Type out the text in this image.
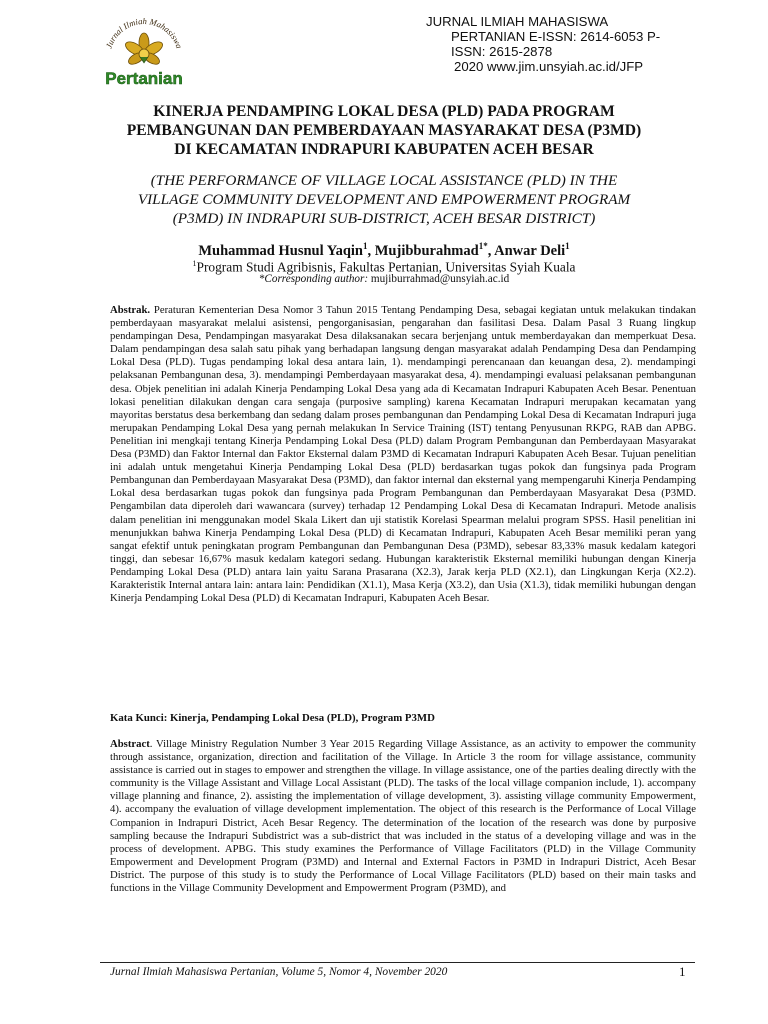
Jurnal Ilmiah Mahasiswa
Pertanian
JURNAL ILMIAH MAHASISWA
PERTANIAN E-ISSN: 2614-6053 P-
ISSN: 2615-2878
2020 www.jim.unsyiah.ac.id/JFP
KINERJA PENDAMPING LOKAL DESA (PLD) PADA PROGRAM
PEMBANGUNAN DAN PEMBERDAYAAN MASYARAKAT DESA (P3MD)
DI KECAMATAN INDRAPURI KABUPATEN ACEH BESAR
(THE PERFORMANCE OF VILLAGE LOCAL ASSISTANCE (PLD) IN THE
VILLAGE COMMUNITY DEVELOPMENT AND EMPOWERMENT PROGRAM
(P3MD) IN INDRAPURI SUB-DISTRICT, ACEH BESAR DISTRICT)
Muhammad Husnul Yaqin$^1$, Mujibburahmad$^{1*}$, Anwar Deli$^1$
$^1$Program Studi Agribisnis, Fakultas Pertanian, Universitas Syiah Kuala
*Corresponding author: mujiburrahmad@unsyiah.ac.id

Abstrak. Peraturan Kementerian Desa Nomor 3 Tahun 2015 Tentang Pendamping Desa, sebagai kegiatan untuk melakukan tindakan pemberdayaan masyarakat melalui asistensi, pengorganisasian, pengarahan dan fasilitasi Desa. Dalam Pasal 3 Ruang lingkup pendampingan Desa, Pendampingan masyarakat Desa dilaksanakan secara berjenjang untuk memberdayakan dan memperkuat Desa. Dalam pendampingan desa salah satu pihak yang berhadapan langsung dengan masyarakat adalah Pendamping Desa dan Pendamping Lokal Desa (PLD). Tugas pendamping lokal desa antara lain, 1). mendampingi perencanaan dan keuangan desa, 2). mendampingi pelaksanan Pembangunan desa, 3). mendampingi Pemberdayaan masyarakat desa, 4). mendampingi evaluasi pelaksanan pembangunan desa. Objek penelitian ini adalah Kinerja Pendamping Lokal Desa yang ada di Kecamatan Indrapuri Kabupaten Aceh Besar. Penentuan lokasi penelitian dilakukan dengan cara sengaja (purposive sampling) karena Kecamatan Indrapuri merupakan kecamatan yang mayoritas berstatus desa berkembang dan sedang dalam proses pembangunan dan Pendamping Lokal Desa di Kecamatan Indrapuri juga merupakan Pendamping Lokal Desa yang pernah melakukan In Service Training (IST) tentang Penyusunan RKPG, RAB dan APBG. Penelitian ini mengkaji tentang Kinerja Pendamping Lokal Desa (PLD) dalam Program Pembangunan dan Pemberdayaan Masyarakat Desa (P3MD) dan Faktor Internal dan Faktor Eksternal dalam P3MD di Kecamatan Indrapuri Kabupaten Aceh Besar. Tujuan penelitian ini adalah untuk mengetahui Kinerja Pendamping Lokal Desa (PLD) berdasarkan tugas pokok dan fungsinya pada Program Pembangunan dan Pemberdayaan Masyarakat Desa (P3MD), dan faktor internal dan eksternal yang mempengaruhi Kinerja Pendamping Lokal desa berdasarkan tugas pokok dan fungsinya pada Program Pembangunan dan Pemberdayaan Masyarakat Desa (P3MD. Pengambilan data diperoleh dari wawancara (survey) terhadap 12 Pendamping Lokal Desa di Kecamatan Indrapuri. Metode analisis dalam penelitian ini menggunakan model Skala Likert dan uji statistik Korelasi Spearman melalui program SPSS. Hasil penelitian ini menunjukkan bahwa Kinerja Pendamping Lokal Desa (PLD) di Kecamatan Indrapuri, Kabupaten Aceh Besar memiliki peran yang sangat efektif untuk peningkatan program Pembangunan dan Pembangunan Desa (P3MD), sebesar 83,33% masuk kedalam kategori tinggi, dan sebesar 16,67% masuk kedalam kategori sedang. Hubungan karakteristik Eksternal memiliki hubungan dengan Kinerja Pendamping Lokal Desa (PLD) antara lain yaitu Sarana Prasarana (X2.3), Jarak kerja PLD (X2.1), dan Lingkungan Kerja (X2.2). Karakteristik Internal antara lain: antara lain: Pendidikan (X1.1), Masa Kerja (X3.2), dan Usia (X1.3), tidak memiliki hubungan dengan Kinerja Pendamping Lokal Desa (PLD) di Kecamatan Indrapuri, Kabupaten Aceh Besar.

Kata Kunci: Kinerja, Pendamping Lokal Desa (PLD), Program P3MD

Abstract. Village Ministry Regulation Number 3 Year 2015 Regarding Village Assistance, as an activity to empower the community through assistance, organization, direction and facilitation of the Village. In Article 3 the room for village assistance, community assistance is carried out in stages to empower and strengthen the village. In village assistance, one of the parties dealing directly with the community is the Village Assistant and Village Local Assistant (PLD). The tasks of the local village companion include, 1). accompany village planning and finance, 2). assisting the implementation of village development, 3). assisting village community Empowerment, 4). accompany the evaluation of village development implementation. The object of this research is the Performance of Local Village Companion in Indrapuri District, Aceh Besar Regency. The determination of the location of the research was done by purposive sampling because the Indrapuri Subdistrict was a sub-district that was included in the status of a developing village and was in the process of development. APBG. This study examines the Performance of Village Facilitators (PLD) in the Village Community Empowerment and Development Program (P3MD) and Internal and External Factors in P3MD in Indrapuri District, Aceh Besar District. The purpose of this study is to study the Performance of Local Village Facilitators (PLD) based on their main tasks and functions in the Village Community Development and Empowerment Program (P3MD), and

Jurnal Ilmiah Mahasiswa Pertanian, Volume 5, Nomor 4, November 2020	1
